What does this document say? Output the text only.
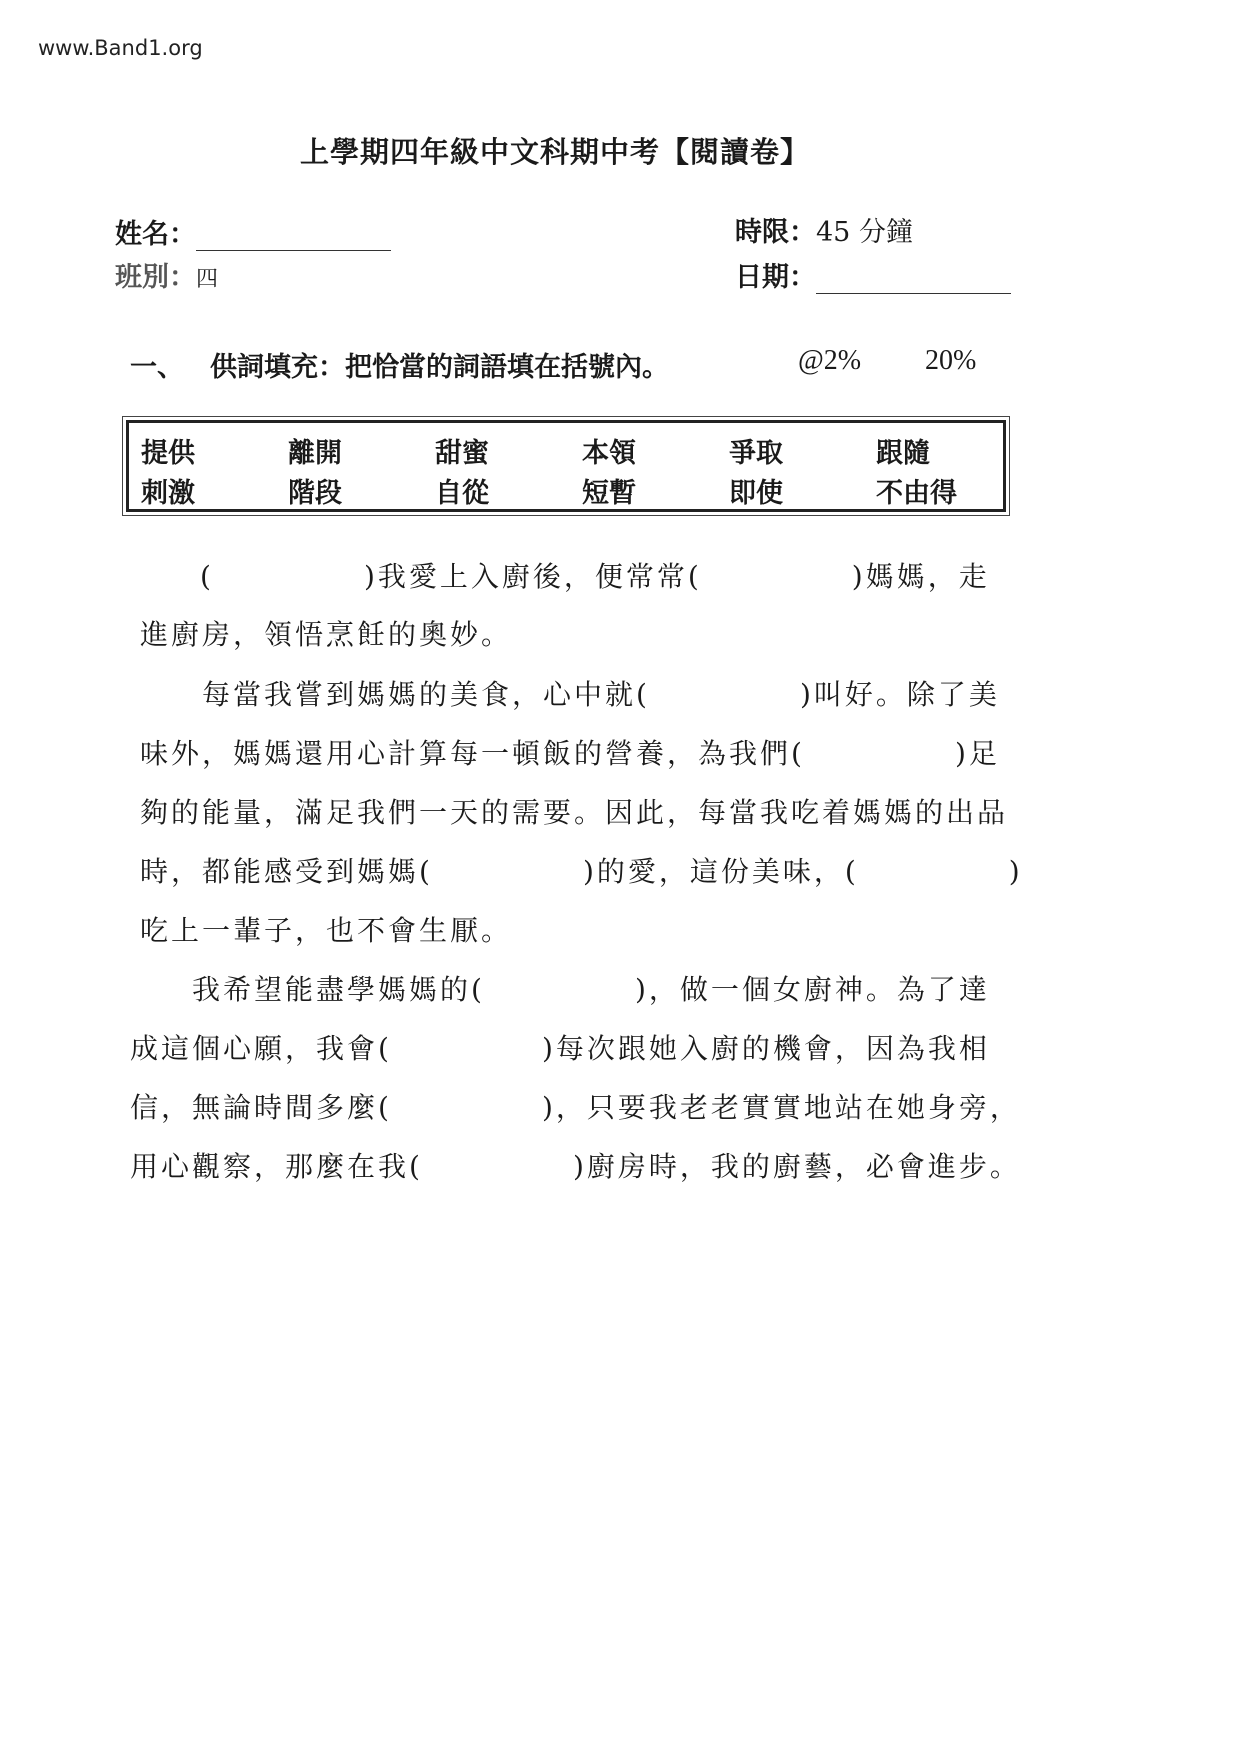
www.Band1.org
上學期四年級中文科期中考【閱讀卷】
姓名：
班別：四
時限：45 分鐘
日期：
一、 供詞填充：把恰當的詞語填在括號內。	@2% 20%
提供	離開	甜蜜	本領	爭取	跟隨
刺激	階段	自從	短暫	即使	不由得
(	)我愛上入廚後，便常常(	)媽媽，走
進廚房，領悟烹飪的奧妙。
每當我嘗到媽媽的美食，心中就(	)叫好。除了美
味外，媽媽還用心計算每一頓飯的營養，為我們(	)足
夠的能量，滿足我們一天的需要。因此，每當我吃着媽媽的出品
時，都能感受到媽媽(	)的愛，這份美味，(	)
吃上一輩子，也不會生厭。
我希望能盡學媽媽的(	)，做一個女廚神。為了達
成這個心願，我會(	)每次跟她入廚的機會，因為我相
信，無論時間多麼(	)，只要我老老實實地站在她身旁，
用心觀察，那麼在我(	)廚房時，我的廚藝，必會進步。
